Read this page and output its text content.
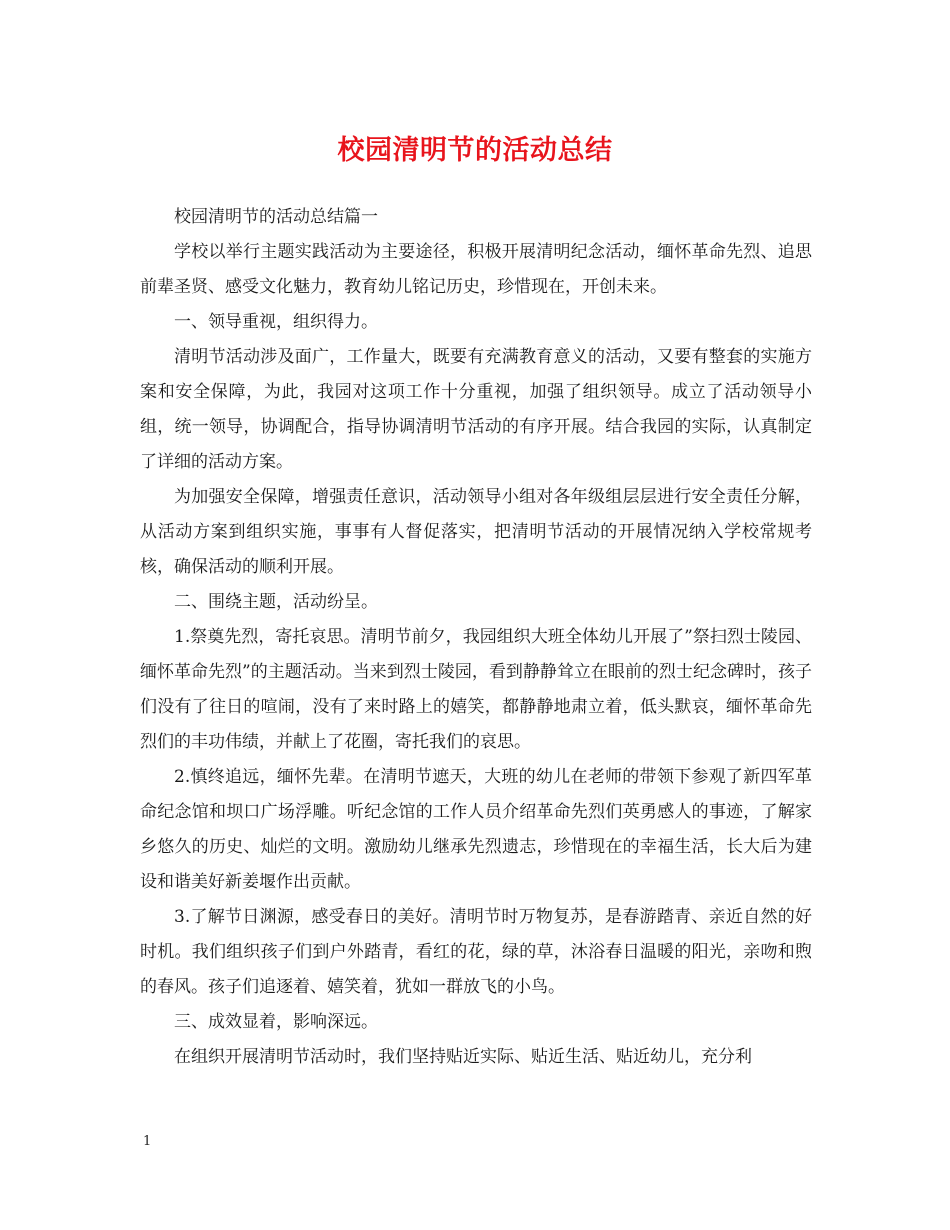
校园清明节的活动总结

校园清明节的活动总结篇一

学校以举行主题实践活动为主要途径，积极开展清明纪念活动，缅怀革命先烈、追思前辈圣贤、感受文化魅力，教育幼儿铭记历史，珍惜现在，开创未来。

一、领导重视，组织得力。

清明节活动涉及面广，工作量大，既要有充满教育意义的活动，又要有整套的实施方案和安全保障，为此，我园对这项工作十分重视，加强了组织领导。成立了活动领导小组，统一领导，协调配合，指导协调清明节活动的有序开展。结合我园的实际，认真制定了详细的活动方案。

为加强安全保障，增强责任意识，活动领导小组对各年级组层层进行安全责任分解，从活动方案到组织实施，事事有人督促落实，把清明节活动的开展情况纳入学校常规考核，确保活动的顺利开展。

二、围绕主题，活动纷呈。

1.祭奠先烈，寄托哀思。清明节前夕，我园组织大班全体幼儿开展了”祭扫烈士陵园、缅怀革命先烈”的主题活动。当来到烈士陵园，看到静静耸立在眼前的烈士纪念碑时，孩子们没有了往日的喧闹，没有了来时路上的嬉笑，都静静地肃立着，低头默哀，缅怀革命先烈们的丰功伟绩，并献上了花圈，寄托我们的哀思。

2.慎终追远，缅怀先辈。在清明节遮天，大班的幼儿在老师的带领下参观了新四军革命纪念馆和坝口广场浮雕。听纪念馆的工作人员介绍革命先烈们英勇感人的事迹，了解家乡悠久的历史、灿烂的文明。激励幼儿继承先烈遗志，珍惜现在的幸福生活，长大后为建设和谐美好新姜堰作出贡献。

3.了解节日渊源，感受春日的美好。清明节时万物复苏，是春游踏青、亲近自然的好时机。我们组织孩子们到户外踏青，看红的花，绿的草，沐浴春日温暖的阳光，亲吻和煦的春风。孩子们追逐着、嬉笑着，犹如一群放飞的小鸟。

三、成效显着，影响深远。

在组织开展清明节活动时，我们坚持贴近实际、贴近生活、贴近幼儿，充分利

1
